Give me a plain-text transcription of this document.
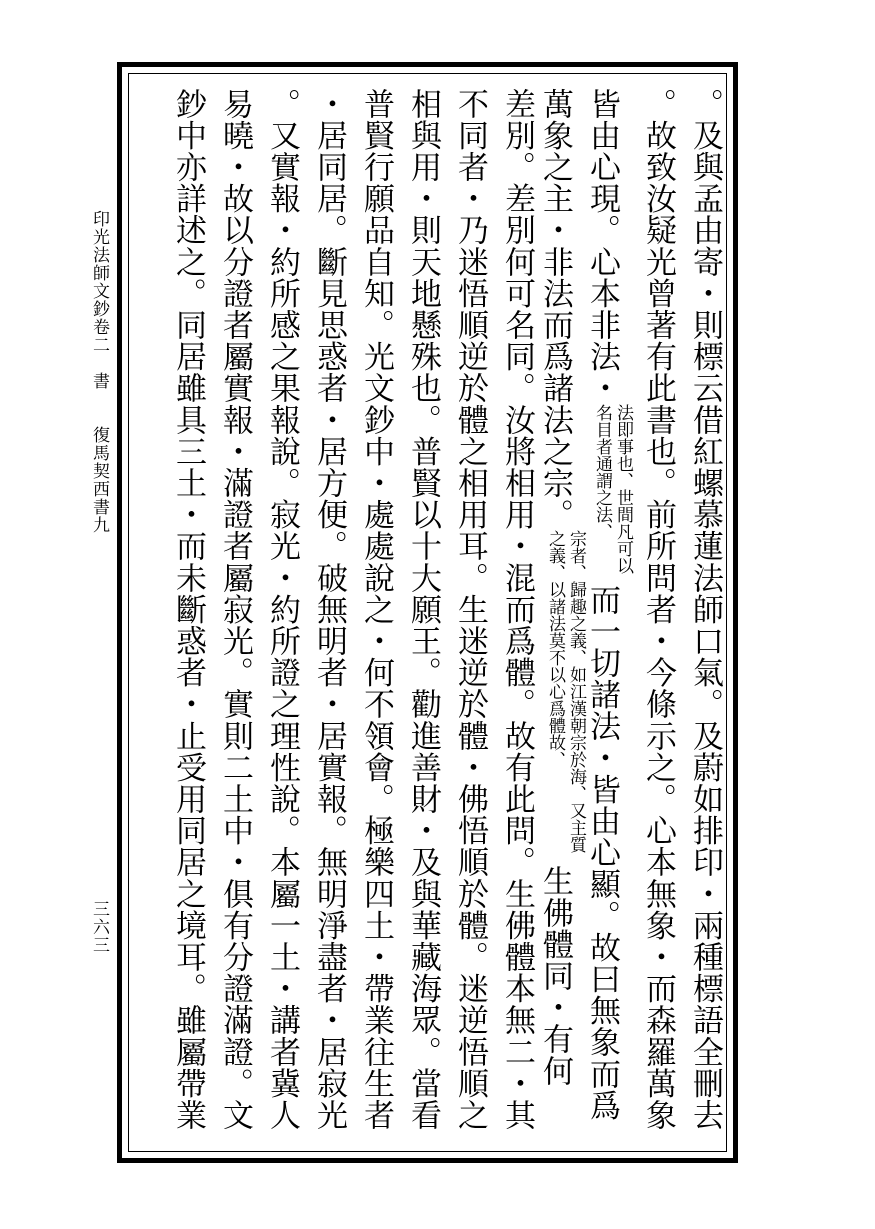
印光法師文鈔卷二　書　　復馬契西書九
三六三	。及與孟由寄・則標云借紅螺慕蓮法師口氣。及蔚如排印・兩種標語全刪去
。故致汝疑光曾著有此書也。前所問者・今條示之。心本無象・而森羅萬象
皆由心現。心本非法・法即事也、世間凡可以名目者通謂之法、而一切諸法・皆由心顯。故曰無象而爲
萬象之主・非法而爲諸法之宗。宗者、歸趣之義、如江漢朝宗於海、又主質之義、以諸法莫不以心爲體故、生佛體同・有何
差別。差別何可名同。汝將相用・混而爲體。故有此問。生佛體本無二・其
不同者・乃迷悟順逆於體之相用耳。生迷逆於體・佛悟順於體。迷逆悟順之
相與用・則天地懸殊也。普賢以十大願王。勸進善財・及與華藏海眾。當看
普賢行願品自知。光文鈔中・處處說之・何不領會。極樂四土・帶業往生者
・居同居。斷見思惑者・居方便。破無明者・居實報。無明淨盡者・居寂光
。又實報・約所感之果報說。寂光・約所證之理性說。本屬一土・講者冀人
易曉・故以分證者屬實報・滿證者屬寂光。實則二土中・俱有分證滿證。文
鈔中亦詳述之。同居雖具三土・而未斷惑者・止受用同居之境耳。雖屬帶業
